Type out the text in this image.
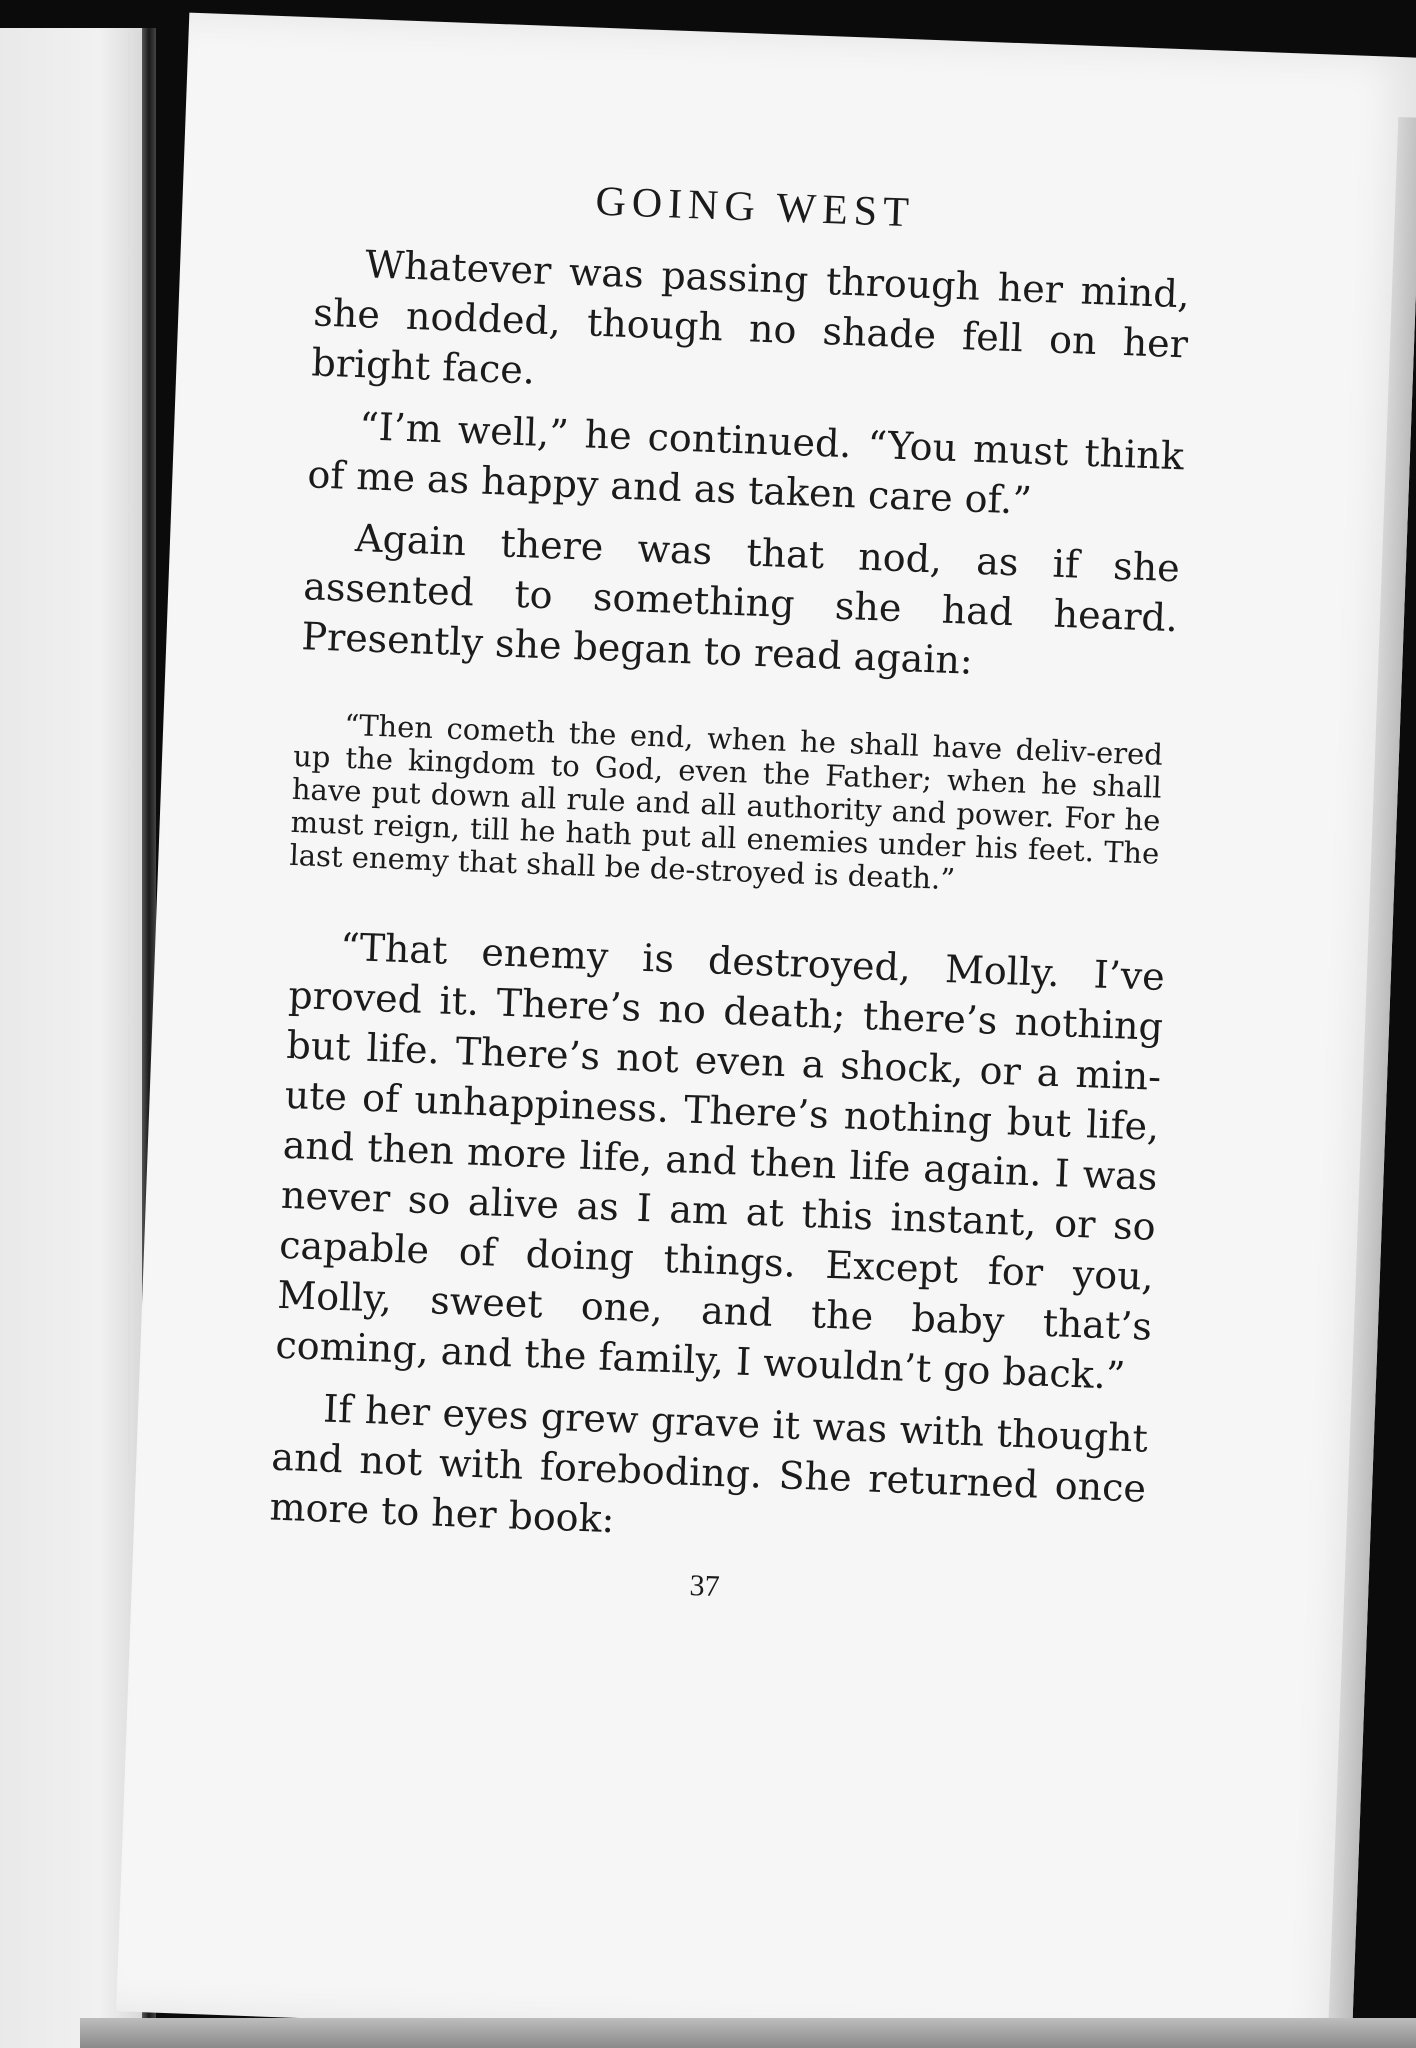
GOING WEST

Whatever was passing through her mind, she nodded, though no shade fell on her bright face.

“I’m well,” he continued. “You must think of me as happy and as taken care of.”

Again there was that nod, as if she assented to something she had heard. Presently she began to read again:

“Then cometh the end, when he shall have deliv-ered up the kingdom to God, even the Father; when he shall have put down all rule and all authority and power. For he must reign, till he hath put all enemies under his feet. The last enemy that shall be de-stroyed is death.”

“That enemy is destroyed, Molly. I’ve proved it. There’s no death; there’s nothing but life. There’s not even a shock, or a min-ute of unhappiness. There’s nothing but life, and then more life, and then life again. I was never so alive as I am at this instant, or so capable of doing things. Except for you, Molly, sweet one, and the baby that’s coming, and the family, I wouldn’t go back.”

If her eyes grew grave it was with thought and not with foreboding. She returned once more to her book:

37
